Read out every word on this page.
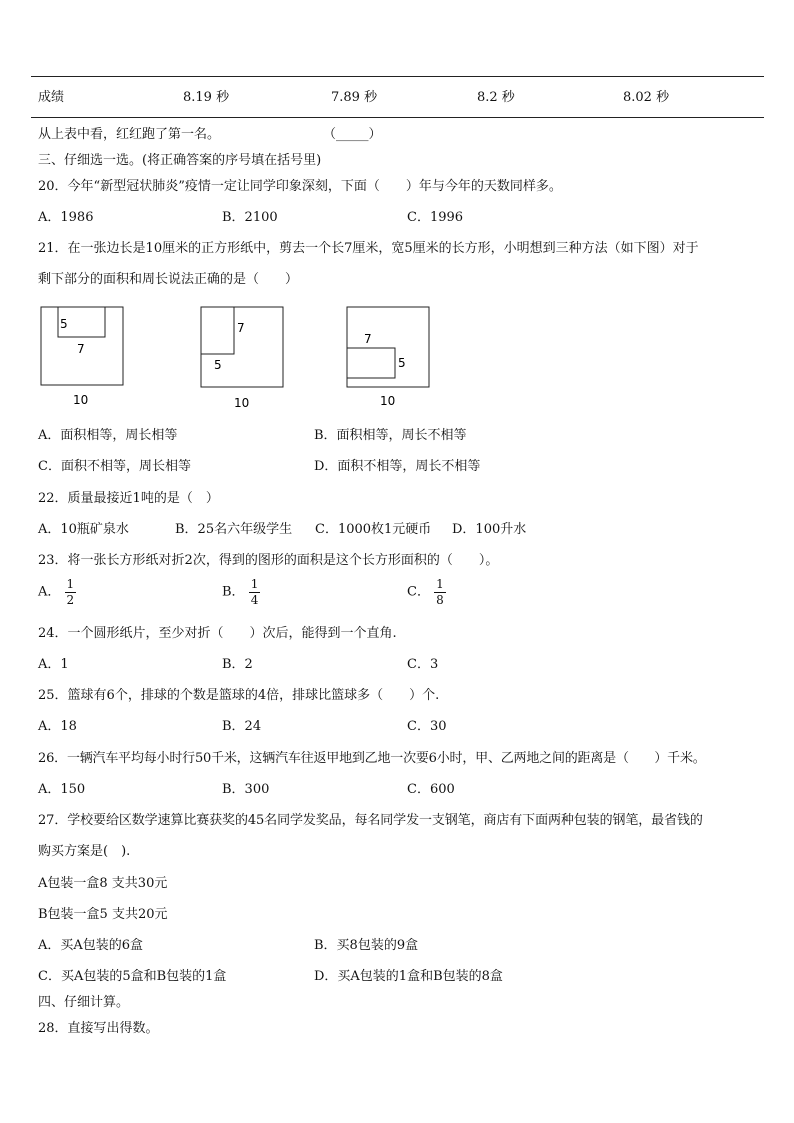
成绩	8.19 秒	7.89 秒	8.2 秒	8.02 秒
从上表中看，红红跑了第一名。	（_____）
三、仔细选一选。(将正确答案的序号填在括号里)
20．今年“新型冠状肺炎”疫情一定让同学印象深刻，下面（　　）年与今年的天数同样多。
A．1986	B．2100	C．1996
21．在一张边长是10厘米的正方形纸中，剪去一个长7厘米，宽5厘米的长方形，小明想到三种方法（如下图）对于
剩下部分的面积和周长说法正确的是（　　）
5
7
10
7
5
10
7
5
10
A．面积相等，周长相等	B．面积相等，周长不相等
C．面积不相等，周长相等	D．面积不相等，周长不相等
22．质量最接近1吨的是（　）
A．10瓶矿泉水	B．25名六年级学生 C．1000枚1元硬币 D．100升水
23．将一张长方形纸对折2次，得到的图形的面积是这个长方形面积的（　　）。
A． $\frac{1}{2}$	B． $\frac{1}{4}$	C． $\frac{1}{8}$
24．一个圆形纸片，至少对折（　　）次后，能得到一个直角.
A．1	B．2	C．3
25．篮球有6个，排球的个数是篮球的4倍，排球比篮球多（　　）个.
A．18	B．24	C．30
26．一辆汽车平均每小时行50千米，这辆汽车往返甲地到乙地一次要6小时，甲、乙两地之间的距离是（　　）千米。
A．150	B．300	C．600
27．学校要给区数学速算比赛获奖的45名同学发奖品，每名同学发一支钢笔，商店有下面两种包装的钢笔，最省钱的
购买方案是(　).
A包装一盒8 支共30元
B包装一盒5 支共20元
A．买A包装的6盒	B．买8包装的9盒
C．买A包装的5盒和B包装的1盒	D．买A包装的1盒和B包装的8盒
四、仔细计算。
28．直接写出得数。
